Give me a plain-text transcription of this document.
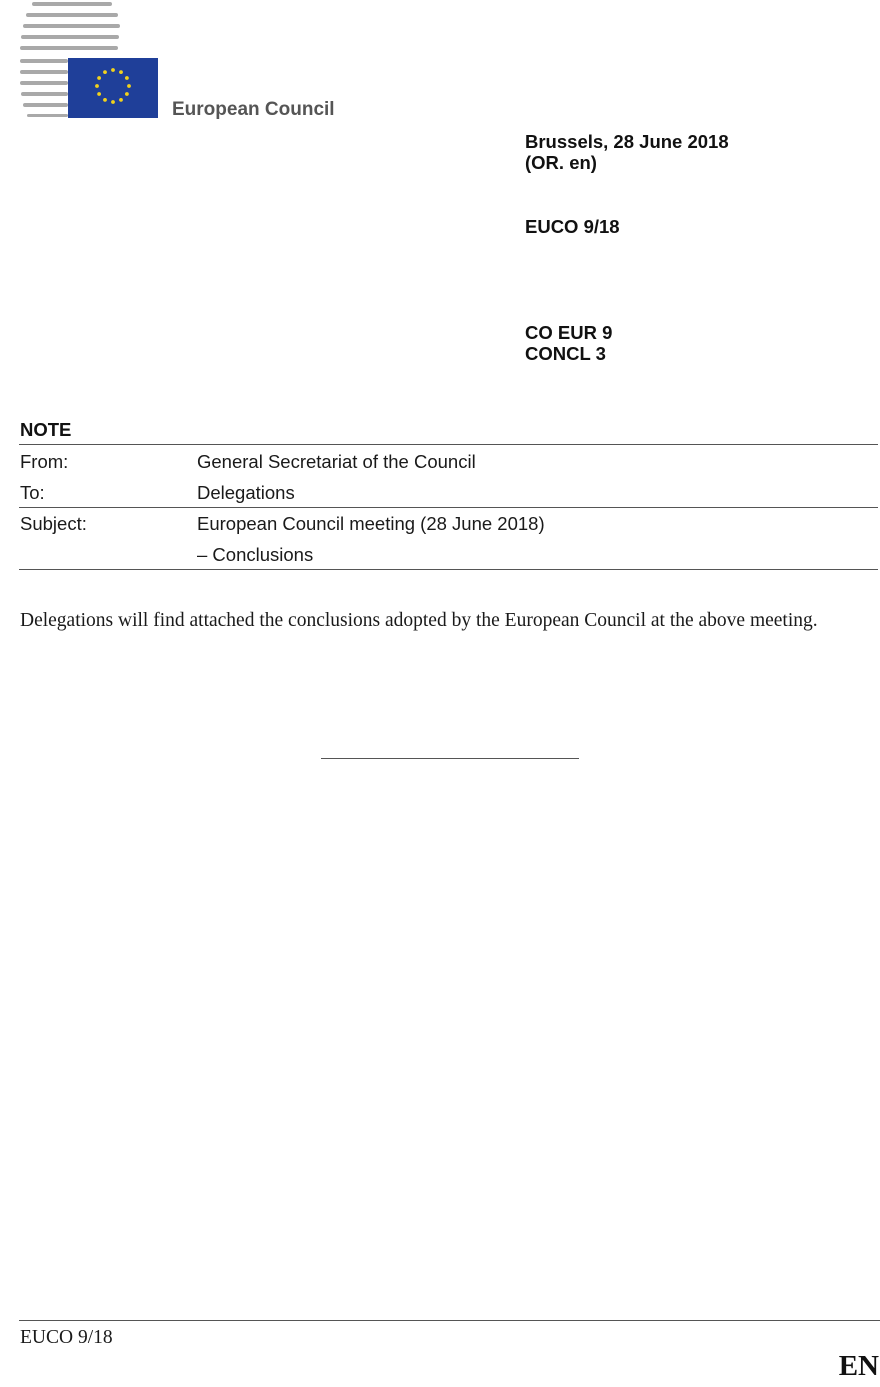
European Council
Brussels, 28 June 2018
(OR. en)
EUCO 9/18
CO EUR 9
CONCL 3
NOTE
From:	General Secretariat of the Council
To:	Delegations
Subject:	European Council meeting (28 June 2018)
– Conclusions
Delegations will find attached the conclusions adopted by the European Council at the above meeting.
EUCO 9/18
EN
